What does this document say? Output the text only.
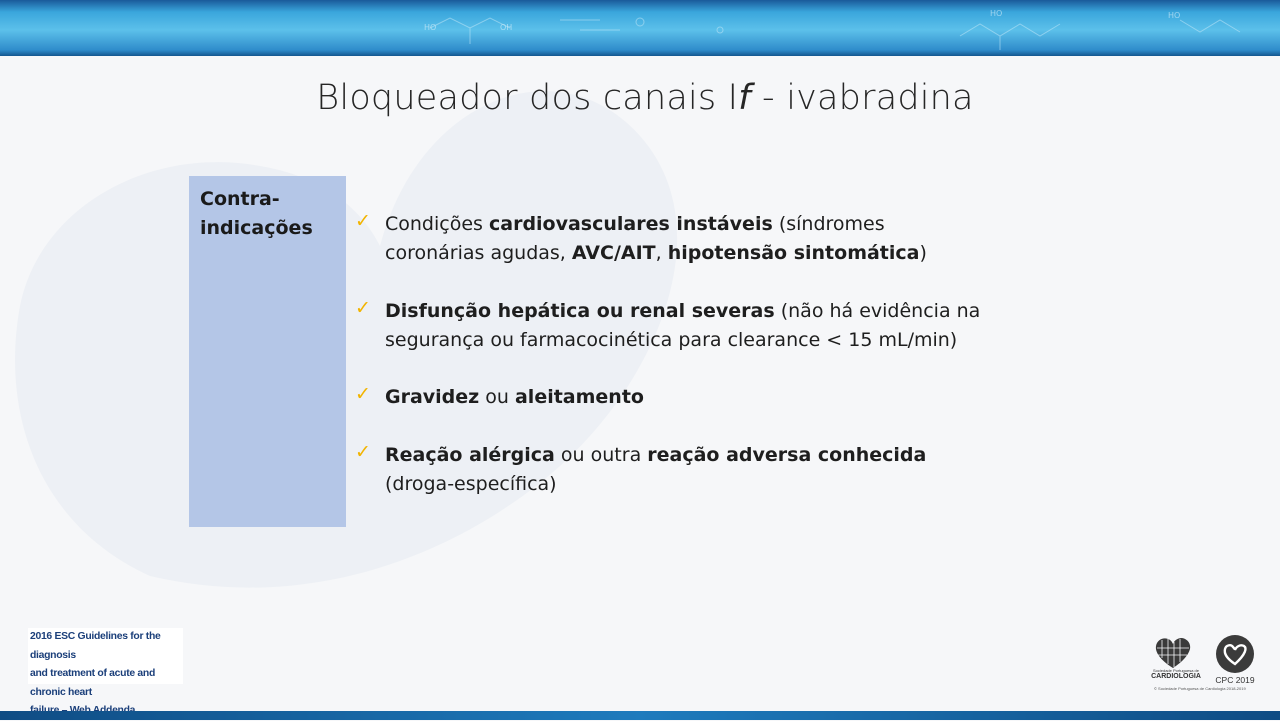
HO	OH
HO	HO
Bloqueador dos canais If - ivabradina
Contra-
indicações	✓ Condições cardiovasculares instáveis (síndromes coronárias agudas, AVC/AIT, hipotensão sintomática)
✓ Disfunção hepática ou renal severas (não há evidência na segurança ou farmacocinética para clearance < 15 mL/min)
✓ Gravidez ou aleitamento
✓ Reação alérgica ou outra reação adversa conhecida (droga-específica)
2016 ESC Guidelines for the diagnosis
and treatment of acute and chronic heart
Sociedade Portuguesa de
CARDIOLOGIA	CPC 2019
© Sociedade Portuguesa de Cardiologia 2018-2019
